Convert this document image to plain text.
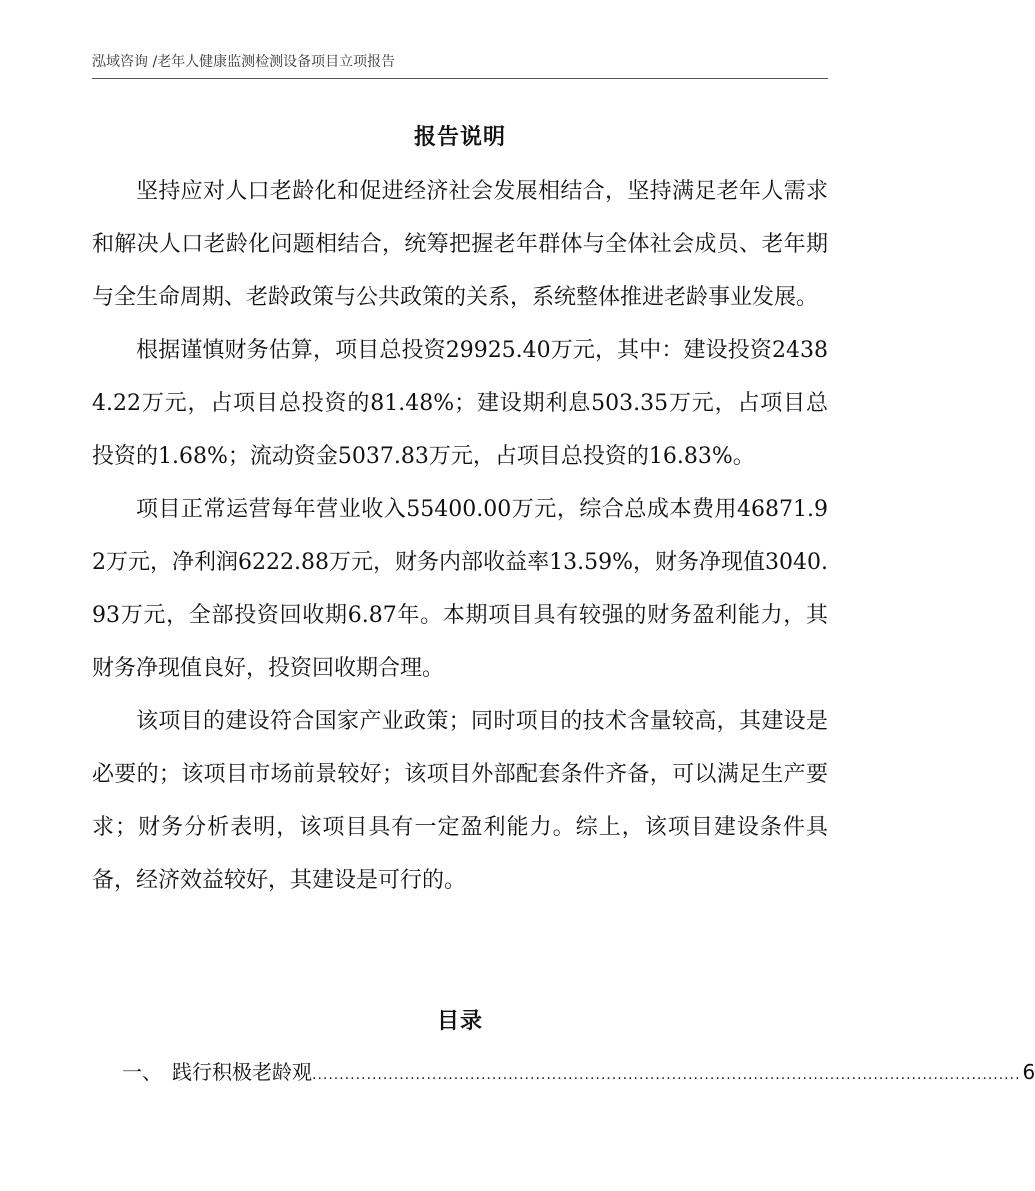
泓域咨询 /老年人健康监测检测设备项目立项报告
报告说明

坚持应对人口老龄化和促进经济社会发展相结合，坚持满足老年人需求和解决人口老龄化问题相结合，统筹把握老年群体与全体社会成员、老年期与全生命周期、老龄政策与公共政策的关系，系统整体推进老龄事业发展。

根据谨慎财务估算，项目总投资29925.40万元，其中：建设投资24384.22万元，占项目总投资的81.48%；建设期利息503.35万元，占项目总投资的1.68%；流动资金5037.83万元，占项目总投资的16.83%。

项目正常运营每年营业收入55400.00万元，综合总成本费用46871.92万元，净利润6222.88万元，财务内部收益率13.59%，财务净现值3040.93万元，全部投资回收期6.87年。本期项目具有较强的财务盈利能力，其财务净现值良好，投资回收期合理。

该项目的建设符合国家产业政策；同时项目的技术含量较高，其建设是必要的；该项目市场前景较好；该项目外部配套条件齐备，可以满足生产要求；财务分析表明，该项目具有一定盈利能力。综上，该项目建设条件具备，经济效益较好，其建设是可行的。

目录
一、 践行积极老龄观 .................................................................................................................................. 6
